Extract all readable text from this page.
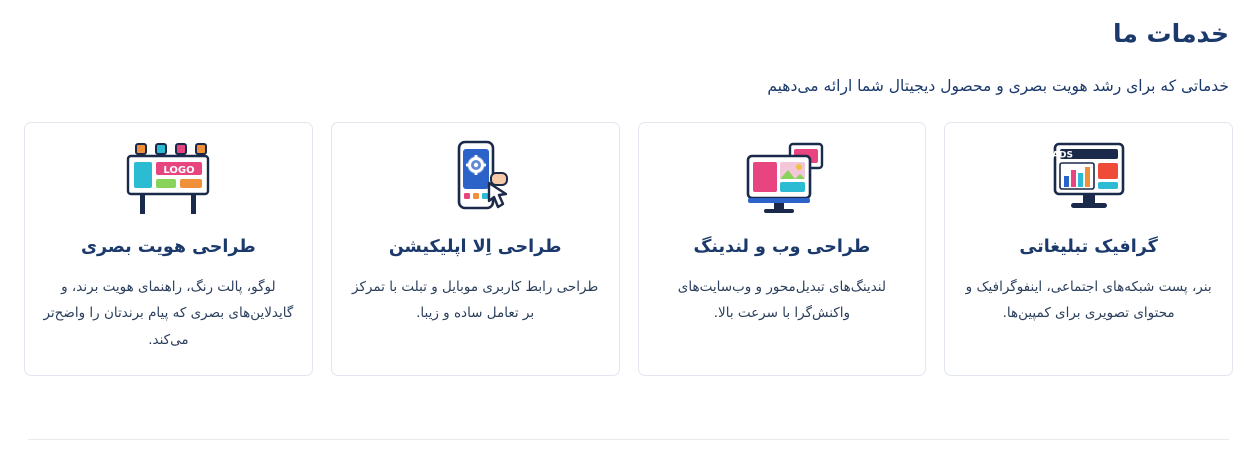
خدمات ما

خدماتی که برای رشد هویت بصری و محصول دیجیتال شما ارائه می‌دهیم

LOGO
طراحی هویت بصری

لوگو، پالت رنگ، راهنمای هویت برند، و گایدلاین‌های بصری که پیام برندتان را واضح‌تر می‌کند.

طراحی اِلا اپلیکیشن

طراحی رابط کاربری موبایل و تبلت با تمرکز بر تعامل ساده و زیبا.

طراحی وب و لندینگ

لندینگ‌های تبدیل‌محور و وب‌سایت‌های واکنش‌گرا با سرعت بالا.

ADS
گرافیک تبلیغاتی

بنر، پست شبکه‌های اجتماعی، اینفوگرافیک و محتوای تصویری برای کمپین‌ها.
